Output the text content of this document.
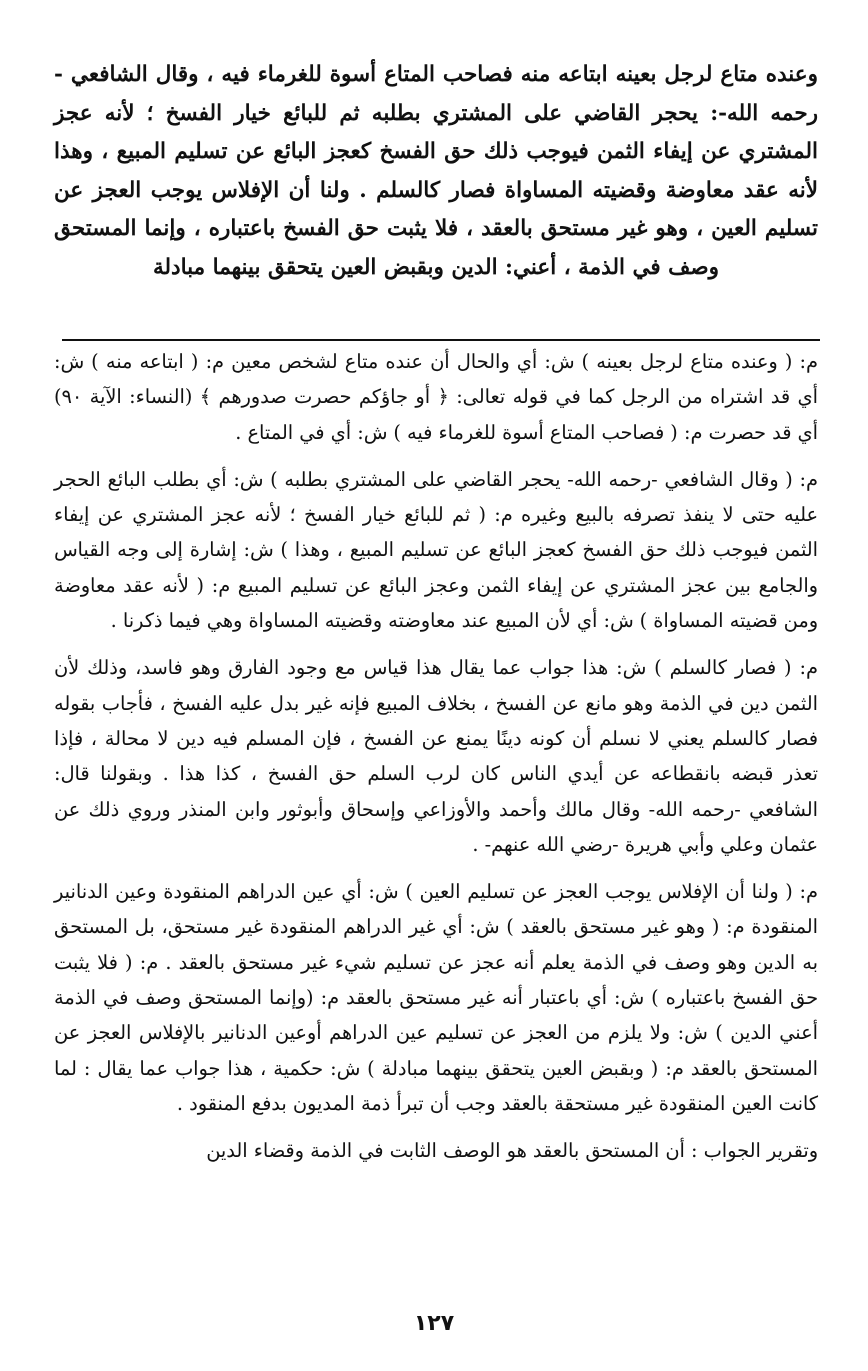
وعنده متاع لرجل بعينه ابتاعه منه فصاحب المتاع أسوة للغرماء فيه ، وقال الشافعي - رحمه الله-: يحجر القاضي على المشتري بطلبه ثم للبائع خيار الفسخ ؛ لأنه عجز المشتري عن إيفاء الثمن فيوجب ذلك حق الفسخ كعجز البائع عن تسليم المبيع ، وهذا لأنه عقد معاوضة وقضيته المساواة فصار كالسلم . ولنا أن الإفلاس يوجب العجز عن تسليم العين ، وهو غير مستحق بالعقد ، فلا يثبت حق الفسخ باعتباره ، وإنما المستحق وصف في الذمة ، أعني: الدين وبقبض العين يتحقق بينهما مبادلة

م: ( وعنده متاع لرجل بعينه ) ش: أي والحال أن عنده متاع لشخص معين م: ( ابتاعه منه ) ش: أي قد اشتراه من الرجل كما في قوله تعالى: ﴿ أو جاؤكم حصرت صدورهم ﴾ (النساء: الآية ٩٠) أي قد حصرت م: ( فصاحب المتاع أسوة للغرماء فيه ) ش: أي في المتاع .

م: ( وقال الشافعي -رحمه الله- يحجر القاضي على المشتري بطلبه ) ش: أي بطلب البائع الحجر عليه حتى لا ينفذ تصرفه بالبيع وغيره م: ( ثم للبائع خيار الفسخ ؛ لأنه عجز المشتري عن إيفاء الثمن فيوجب ذلك حق الفسخ كعجز البائع عن تسليم المبيع ، وهذا ) ش: إشارة إلى وجه القياس والجامع بين عجز المشتري عن إيفاء الثمن وعجز البائع عن تسليم المبيع م: ( لأنه عقد معاوضة ومن قضيته المساواة ) ش: أي لأن المبيع عند معاوضته وقضيته المساواة وهي فيما ذكرنا .

م: ( فصار كالسلم ) ش: هذا جواب عما يقال هذا قياس مع وجود الفارق وهو فاسد، وذلك لأن الثمن دين في الذمة وهو مانع عن الفسخ ، بخلاف المبيع فإنه غير بدل عليه الفسخ ، فأجاب بقوله فصار كالسلم يعني لا نسلم أن كونه دينًا يمنع عن الفسخ ، فإن المسلم فيه دين لا محالة ، فإذا تعذر قبضه بانقطاعه عن أيدي الناس كان لرب السلم حق الفسخ ، كذا هذا . وبقولنا قال: الشافعي -رحمه الله- وقال مالك وأحمد والأوزاعي وإسحاق وأبوثور وابن المنذر وروي ذلك عن عثمان وعلي وأبي هريرة -رضي الله عنهم- .

م: ( ولنا أن الإفلاس يوجب العجز عن تسليم العين ) ش: أي عين الدراهم المنقودة وعين الدنانير المنقودة م: ( وهو غير مستحق بالعقد ) ش: أي غير الدراهم المنقودة غير مستحق، بل المستحق به الدين وهو وصف في الذمة يعلم أنه عجز عن تسليم شيء غير مستحق بالعقد . م: ( فلا يثبت حق الفسخ باعتباره ) ش: أي باعتبار أنه غير مستحق بالعقد م: (وإنما المستحق وصف في الذمة أعني الدين ) ش: ولا يلزم من العجز عن تسليم عين الدراهم أوعين الدنانير بالإفلاس العجز عن المستحق بالعقد م: ( وبقبض العين يتحقق بينهما مبادلة ) ش: حكمية ، هذا جواب عما يقال : لما كانت العين المنقودة غير مستحقة بالعقد وجب أن تبرأ ذمة المديون بدفع المنقود .

وتقرير الجواب : أن المستحق بالعقد هو الوصف الثابت في الذمة وقضاء الدين

١٢٧
